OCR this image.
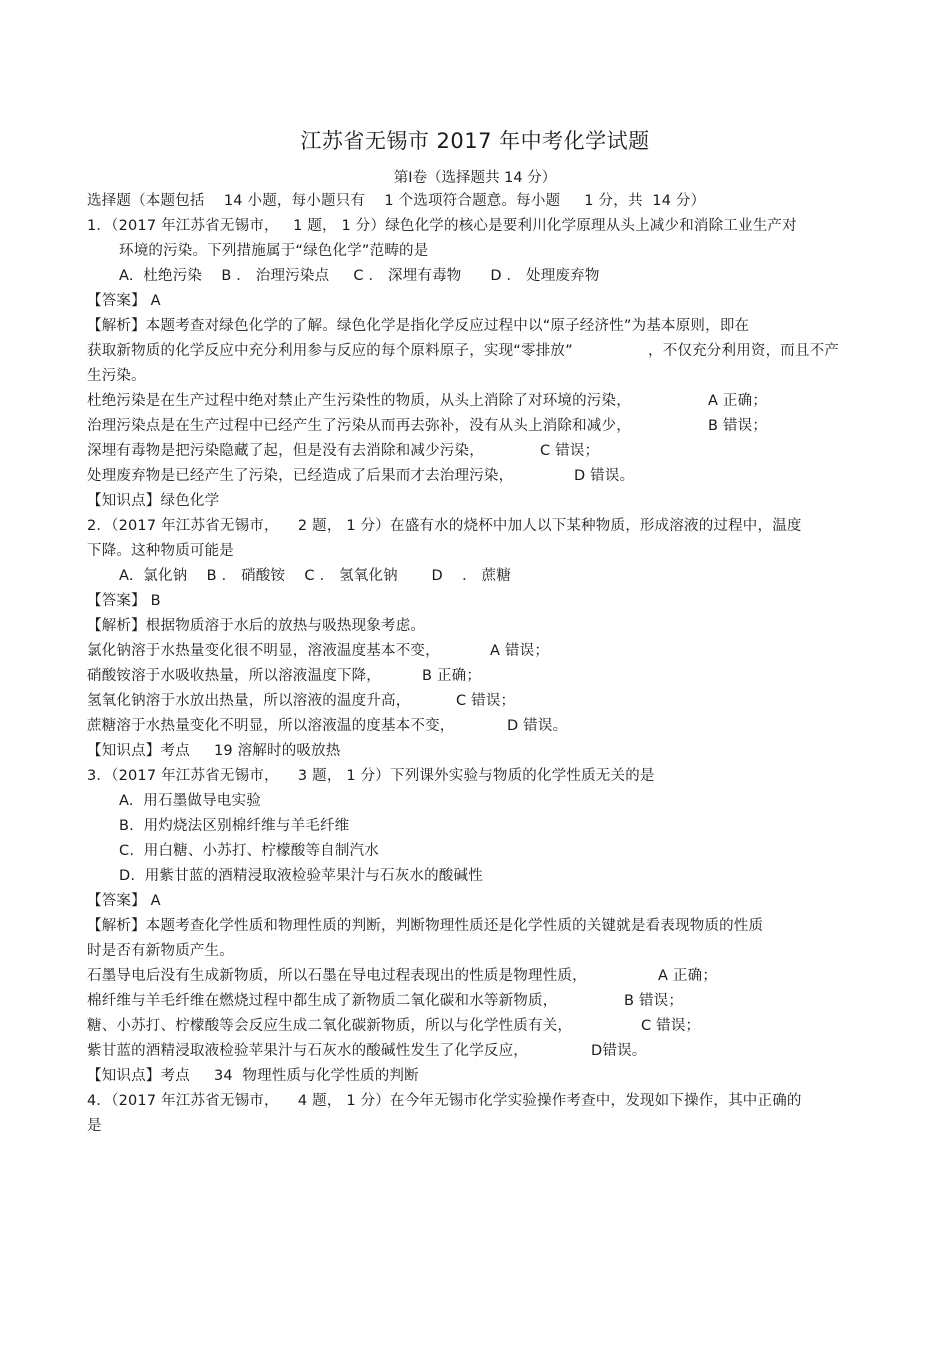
江苏省无锡市 2017 年中考化学试题
第Ⅰ卷（选择题共 14 分）
选择题（本题包括    14 小题，每小题只有    1 个选项符合题意。每小题     1 分，共  14 分）
1．（2017 年江苏省无锡市，   1 题， 1 分）绿色化学的核心是要利川化学原理从头上减少和消除工业生产对
环境的污染。下列措施属于“绿色化学”范畴的是
A.  杜绝污染    B ． 治理污染点     C ． 深埋有毒物      D ． 处理废弃物
【答案】 A
【解析】本题考查对绿色化学的了解。绿色化学是指化学反应过程中以“原子经济性”为基本原则，即在
获取新物质的化学反应中充分利用参与反应的每个原料原子，实现“零排放”	，不仅充分利用资，而且不产
生污染。
杜绝污染是在生产过程中绝对禁止产生污染性的物质，从头上消除了对环境的污染，	A 正确；
治理污染点是在生产过程中已经产生了污染从而再去弥补，没有从头上消除和减少，	B 错误；
深埋有毒物是把污染隐藏了起，但是没有去消除和减少污染，	C 错误；
处理废弃物是已经产生了污染，已经造成了后果而才去治理污染，	D 错误。
【知识点】绿色化学
2．（2017 年江苏省无锡市，    2 题， 1 分）在盛有水的烧杯中加人以下某种物质，形成溶液的过程中，温度
下降。这种物质可能是
A.  氯化钠    B ． 硝酸铵    C ． 氢氧化钠       D    ． 蔗糖
【答案】 B
【解析】根据物质溶于水后的放热与吸热现象考虑。
氯化钠溶于水热量变化很不明显，溶液温度基本不变，	A 错误；
硝酸铵溶于水吸收热量，所以溶液温度下降，	B 正确；
氢氧化钠溶于水放出热量，所以溶液的温度升高，	C 错误；
蔗糖溶于水热量变化不明显，所以溶液温的度基本不变，	D 错误。
【知识点】考点     19 溶解时的吸放热
3．（2017 年江苏省无锡市，    3 题， 1 分）下列课外实验与物质的化学性质无关的是
A.  用石墨做导电实验
B.  用灼烧法区别棉纤维与羊毛纤维
C.  用白糖、小苏打、柠檬酸等自制汽水
D.  用紫甘蓝的酒精浸取液检验苹果汁与石灰水的酸碱性
【答案】 A
【解析】本题考查化学性质和物理性质的判断，判断物理性质还是化学性质的关键就是看表现物质的性质
时是否有新物质产生。
石墨导电后没有生成新物质，所以石墨在导电过程表现出的性质是物理性质，	A 正确；
棉纤维与羊毛纤维在燃烧过程中都生成了新物质二氧化碳和水等新物质，	B 错误；
糖、小苏打、柠檬酸等会反应生成二氧化碳新物质，所以与化学性质有关，	C 错误；
紫甘蓝的酒精浸取液检验苹果汁与石灰水的酸碱性发生了化学反应，	D错误。
【知识点】考点     34  物理性质与化学性质的判断
4．（2017 年江苏省无锡市，    4 题， 1 分）在今年无锡市化学实验操作考查中，发现如下操作，其中正确的
是
